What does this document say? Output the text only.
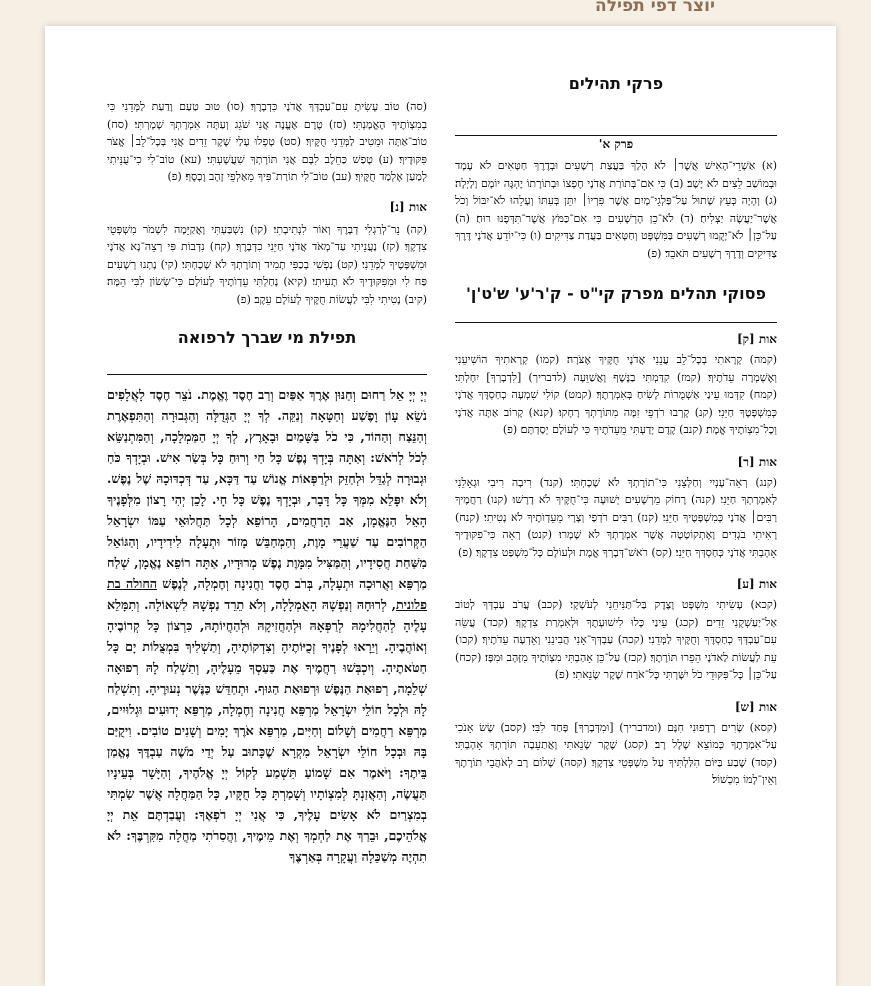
יוצר דפי תפילה
פרקי תהילים

פרק א'

(א) אַשְׁרֵי־הָאִישׁ אֲשֶׁר׀ לֹא הָלַךְ בַּעֲצַת רְשָׁעִים וּבְדֶרֶךְ חַטָּאִים לֹא עָמָד וּבְמוֹשַׁב לֵצִים לֹא יָשָׁב׃ (ב) כִּי אִם־בְּתוֹרַת אֲדֹנָי חֶפְצוֹ וּבְתוֹרָתוֹ יֶהְגֶּה יוֹמָם וָלָיְלָה׃ (ג) וְהָיָה כְּעֵץ שָׁתוּל עַל־פַּלְגֵי־מָיִם אֲשֶׁר פִּרְיוֹ׀ יִתֵּן בְּעִתּוֹ וְעָלֵהוּ לֹא־יִבּוֹל וְכֹל אֲשֶׁר־יַעֲשֶׂה יַצְלִיחַ׃ (ד) לֹא־כֵן הָרְשָׁעִים כִּי אִם־כַּמֹּץ אֲשֶׁר־תִּדְּפֶנּוּ רוּחַ׃ (ה) עַל־כֵּן׀ לֹא־יָקֻמוּ רְשָׁעִים בַּמִּשְׁפָּט וְחַטָּאִים בַּעֲדַת צַדִּיקִים׃ (ו) כִּי־יוֹדֵעַ אֲדֹנָי דֶּרֶךְ צַדִּיקִים וְדֶרֶךְ רְשָׁעִים תֹּאבֵד׃ (פ)

פסוקי תהלים מפרק קי"ט - ק'ר'ע' ש'ט'ן'

אות [ק]

(קמה) קָרָאתִי בְכָל־לֵב עֲנֵנִי אֲדֹנָי חֻקֶּיךָ אֶצֹּרָה׃ (קמו) קְרָאתִיךָ הוֹשִׁיעֵנִי וְאֶשְׁמְרָה עֵדֹתֶיךָ׃ (קמז) קִדַּמְתִּי בַנֶּשֶׁף וָאֲשַׁוֵּעָה (לדבריך) [לִדְבָרְךָ] יִחָלְתִּי׃ (קמח) קִדְּמוּ עֵינַי אַשְׁמֻרוֹת לָשִׂיחַ בְּאִמְרָתֶךָ׃ (קמט) קוֹלִי שִׁמְעָה כְחַסְדֶּךָ אֲדֹנָי כְּמִשְׁפָּטֶךָ חַיֵּנִי׃ (קנ) קָרְבוּ רֹדְפֵי זִמָּה מִתּוֹרָתְךָ רָחָקוּ׃ (קנא) קָרוֹב אַתָּה אֲדֹנָי וְכָל־מִצְוֹתֶיךָ אֱמֶת׃ (קנב) קֶדֶם יָדַעְתִּי מֵעֵדֹתֶיךָ כִּי לְעוֹלָם יְסַדְתָּם׃ (פ)

אות [ר]

(קנג) רְאֵה־עָנְיִי וְחַלְּצֵנִי כִּי־תוֹרָתְךָ לֹא שָׁכָחְתִּי׃ (קנד) רִיבָה רִיבִי וּגְאָלֵנִי לְאִמְרָתְךָ חַיֵּנִי׃ (קנה) רָחוֹק מֵרְשָׁעִים יְשׁוּעָה כִּי־חֻקֶּיךָ לֹא דָרָשׁוּ׃ (קנו) רַחֲמֶיךָ רַבִּים׀ אֲדֹנָי כְּמִשְׁפָּטֶיךָ חַיֵּנִי׃ (קנז) רַבִּים רֹדְפַי וְצָרָי מֵעֵדְוֺתֶיךָ לֹא נָטִיתִי׃ (קנח) רָאִיתִי בֹגְדִים וָאֶתְקוֹטָטָה אֲשֶׁר אִמְרָתְךָ לֹא שָׁמָרוּ׃ (קנט) רְאֵה כִּי־פִקּוּדֶיךָ אָהָבְתִּי אֲדֹנָי כְּחַסְדְּךָ חַיֵּנִי׃ (קס) רֹאשׁ־דְּבָרְךָ אֱמֶת וּלְעוֹלָם כָּל־מִשְׁפַּט צִדְקֶךָ׃ (פ)

אות [ע]

(קכא) עָשִׂיתִי מִשְׁפָּט וָצֶדֶק בַּל־תַּנִּיחֵנִי לְעֹשְׁקָי׃ (קכב) עֲרֹב עַבְדְּךָ לְטוֹב אַל־יַעַשְׁקֻנִי זֵדִים׃ (קכג) עֵינַי כָּלוּ לִישׁוּעָתֶךָ וּלְאִמְרַת צִדְקֶךָ׃ (קכד) עֲשֵׂה עִם־עַבְדְּךָ כְחַסְדֶּךָ וְחֻקֶּיךָ לַמְּדֵנִי׃ (קכה) עַבְדְּךָ־אָנִי הֲבִינֵנִי וְאֵדְעָה עֵדֹתֶיךָ׃ (קכו) עֵת לַעֲשׂוֹת לַאדֹנָי הֵפֵרוּ תּוֹרָתֶךָ׃ (קכז) עַל־כֵּן אָהַבְתִּי מִצְוֹתֶיךָ מִזָּהָב וּמִפָּז׃ (קכח) עַל־כֵּן׀ כָּל־פִּקּוּדֵי כֹל יִשָּׁרְתִּי כָּל־אֹרַח שֶׁקֶר שָׂנֵאתִי׃ (פ)

אות [ש]

(קסא) שָׂרִים רְדָפוּנִי חִנָּם (ומדבריך) [וּמִדְּבָרְךָ] פָּחַד לִבִּי׃ (קסב) שָׂשׂ אָנֹכִי עַל־אִמְרָתֶךָ כְּמוֹצֵא שָׁלָל רָב׃ (קסג) שֶׁקֶר שָׂנֵאתִי וָאֲתַעֵבָה תּוֹרָתְךָ אָהָבְתִּי׃ (קסד) שֶׁבַע בַּיּוֹם הִלַּלְתִּיךָ עַל מִשְׁפְּטֵי צִדְקֶךָ׃ (קסה) שָׁלוֹם רָב לְאֹהֲבֵי תוֹרָתֶךָ וְאֵין־לָמוֹ מִכְשׁוֹל׃

(סה) טוֹב עָשִׂיתָ עִם־עַבְדְּךָ אֲדֹנָי כִּדְבָרֶךָ׃ (סו) טוּב טַעַם וָדַעַת לַמְּדֵנִי כִּי בְמִצְוֹתֶיךָ הֶאֱמָנְתִּי׃ (סז) טֶרֶם אֶעֱנֶה אֲנִי שֹׁגֵג וְעַתָּה אִמְרָתְךָ שָׁמָרְתִּי׃ (סח) טוֹב־אַתָּה וּמֵטִיב לַמְּדֵנִי חֻקֶּיךָ׃ (סט) טָפְלוּ עָלַי שֶׁקֶר זֵדִים אֲנִי בְּכָל־לֵב׀ אֱצֹּר פִּקּוּדֶיךָ׃ (ע) טָפַשׁ כַּחֵלֶב לִבָּם אֲנִי תּוֹרָתְךָ שִׁעֲשָׁעְתִּי׃ (עא) טוֹב־לִי כִי־עֻנֵּיתִי לְמַעַן אֶלְמַד חֻקֶּיךָ׃ (עב) טוֹב־לִי תוֹרַת־פִּיךָ מֵאַלְפֵי זָהָב וָכָסֶף׃ (פ)

אות [נ]

(קה) נֵר־לְרַגְלִי דְבָרֶךָ וְאוֹר לִנְתִיבָתִי׃ (קו) נִשְׁבַּעְתִּי וָאֲקַיֵּמָה לִשְׁמֹר מִשְׁפְּטֵי צִדְקֶךָ׃ (קז) נַעֲנֵיתִי עַד־מְאֹד אֲדֹנָי חַיֵּנִי כִדְבָרֶךָ׃ (קח) נִדְבוֹת פִּי רְצֵה־נָא אֲדֹנָי וּמִשְׁפָּטֶיךָ לַמְּדֵנִי׃ (קט) נַפְשִׁי בְכַפִּי תָמִיד וְתוֹרָתְךָ לֹא שָׁכָחְתִּי׃ (קי) נָתְנוּ רְשָׁעִים פַּח לִי וּמִפִּקּוּדֶיךָ לֹא תָעִיתִי׃ (קיא) נָחַלְתִּי עֵדְוֺתֶיךָ לְעוֹלָם כִּי־שְׂשׂוֹן לִבִּי הֵמָּה׃ (קיב) נָטִיתִי לִבִּי לַעֲשׂוֹת חֻקֶּיךָ לְעוֹלָם עֵקֶב׃ (פ)

תפילת מי שברך לרפואה

יְיָ יְיָ אֵל רַחוּם וְחַנּוּן אֶרֶךְ אַפַּיִם וְרַב חֶסֶד וֶאֱמֶת. נֹצֵר חֶסֶד לָאֲלָפִים נֹשֵׂא עָוֹן וָפֶשַׁע וְחַטָּאָה וְנַקֵּה. לְךָ יְיָ הַגְּדֻלָּה וְהַגְּבוּרָה וְהַתִּפְאֶרֶת וְהַנֵּצַח וְהַהוֹד, כִּי כֹל בַּשָּׁמַיִם וּבָאָרֶץ, לְךָ יְיָ הַמַּמְלָכָה, וְהַמִּתְנַשֵּׂא לְכֹל לְרֹאשׁ: וְאַתָּה בְּיָדְךָ נֶפֶשׁ כָּל חַי וְרוּחַ כָּל בְּשַׂר אִישׁ. וּבְיָדְךָ כֹּחַ וּגְבוּרָה לְגַדֵּל וּלְחַזֵּק וּלְרַפְּאוֹת אֱנוֹשׁ עַד דַּכָּא, עַד דְּכְדּוּכָהּ שֶׁל נֶפֶשׁ. וְלֹא יִפָּלֵא מִמְּךָ כָּל דָּבָר, וּבְיָדְךָ נֶפֶשׁ כָּל חָי. לָכֵן יְהִי רָצוֹן מִלְּפָנֶיךָ הָאֵל הַנֶּאֱמָן, אַב הָרַחֲמִים, הָרוֹפֵא לְכָל תַּחֲלוּאֵי עַמּוֹ יִשְׂרָאֵל הַקְּרוֹבִים עַד שַׁעֲרֵי מָוֶת, וְהַמְחַבֵּשׁ מָזוֹר וּתְעָלָה לִידִידָיו, וְהַגּוֹאֵל מִשַּׁחַת חֲסִידָיו, וְהַמַּצִּיל מִמָּוֶת נֶפֶשׁ מְרוּדָיו, אַתָּה רוֹפֵא נֶאֱמָן, שְׁלַח מַרְפֵּא וַאֲרוּכָה וּתְעָלָה, בְּרֹב חֶסֶד וַחֲנִינָה וְחֶמְלָה, לְנֶפֶשׁ החולה בת פלונית, לְרוּחָהּ וְנַפְשָׁהּ הָאֻמְלָלָה, וְלֹא תֵרֵד נַפְשָׁהּ לִשְׁאוֹלָה. וְתִמָּלֵא עָלֶיהָ לְהַחֲלִימָהּ לְרַפְּאָהּ וּלְהַחֲזִיקָהּ וּלְהַחֲיוֹתָהּ, כִּרְצוֹן כָּל קְרוֹבֶיהָ וְאוֹהֲבֶיהָ. וְיֵרָאוּ לְפָנֶיךָ זְכֻיּוֹתֶיהָ וְצִדְקוֹתֶיהָ, וְתַשְׁלִיךְ בִּמְצֻלוֹת יָם כָּל חַטֹּאתֶיהָ. וְיִכְבְּשׁוּ רַחֲמֶיךָ אֶת כַּעַסְךָ מֵעָלֶיהָ, וְתִשְׁלַח לָהּ רְפוּאָה שְׁלֵמָה, רְפוּאַת הַנֶּפֶשׁ וּרְפוּאַת הַגּוּף. וּתְחַדֵּשׁ כַּנֶּשֶׁר נְעוּרֶיהָ. וְתִשְׁלַח לָהּ וּלְכָל חוֹלֵי יִשְׂרָאֵל מַרְפֵּא חֲנִינָה וְחֶמְלָה, מַרְפֵּא יְדוּעִים וּגְלוּיִים, מַרְפֵּא רַחֲמִים וְשָׁלוֹם וְחַיִּים, מַרְפֵּא אֹרֶךְ יָמִים וְשָׁנִים טוֹבִים. וִיקֻיַּם בָּהּ וּבְכָל חוֹלֵי יִשְׂרָאֵל מִקְרָא שֶׁכָּתוּב עַל יְדֵי מֹשֶׁה עַבְדֶּךָ נֶאֱמַן בֵּיתֶךָ: וַיֹּאמֶר אִם שָׁמוֹעַ תִּשְׁמַע לְקוֹל יְיָ אֱלֹהֶיךָ, וְהַיָּשָׁר בְּעֵינָיו תַּעֲשֶׂה, וְהַאֲזַנְתָּ לְמִצְוֹתָיו וְשָׁמַרְתָּ כָּל חֻקָּיו, כָּל הַמַּחֲלָה אֲשֶׁר שַׂמְתִּי בְמִצְרַיִם לֹא אָשִׂים עָלֶיךָ, כִּי אֲנִי יְיָ רֹפְאֶךָ: וַעֲבַדְתֶּם אֵת יְיָ אֱלֹהֵיכֶם, וּבֵרַךְ אֶת לַחְמְךָ וְאֶת מֵימֶיךָ, וַהֲסִרֹתִי מַחֲלָה מִקִּרְבֶּךָ: לֹא תִהְיֶה מְשַׁכֵּלָה וַעֲקָרָה בְּאַרְצֶךָ
